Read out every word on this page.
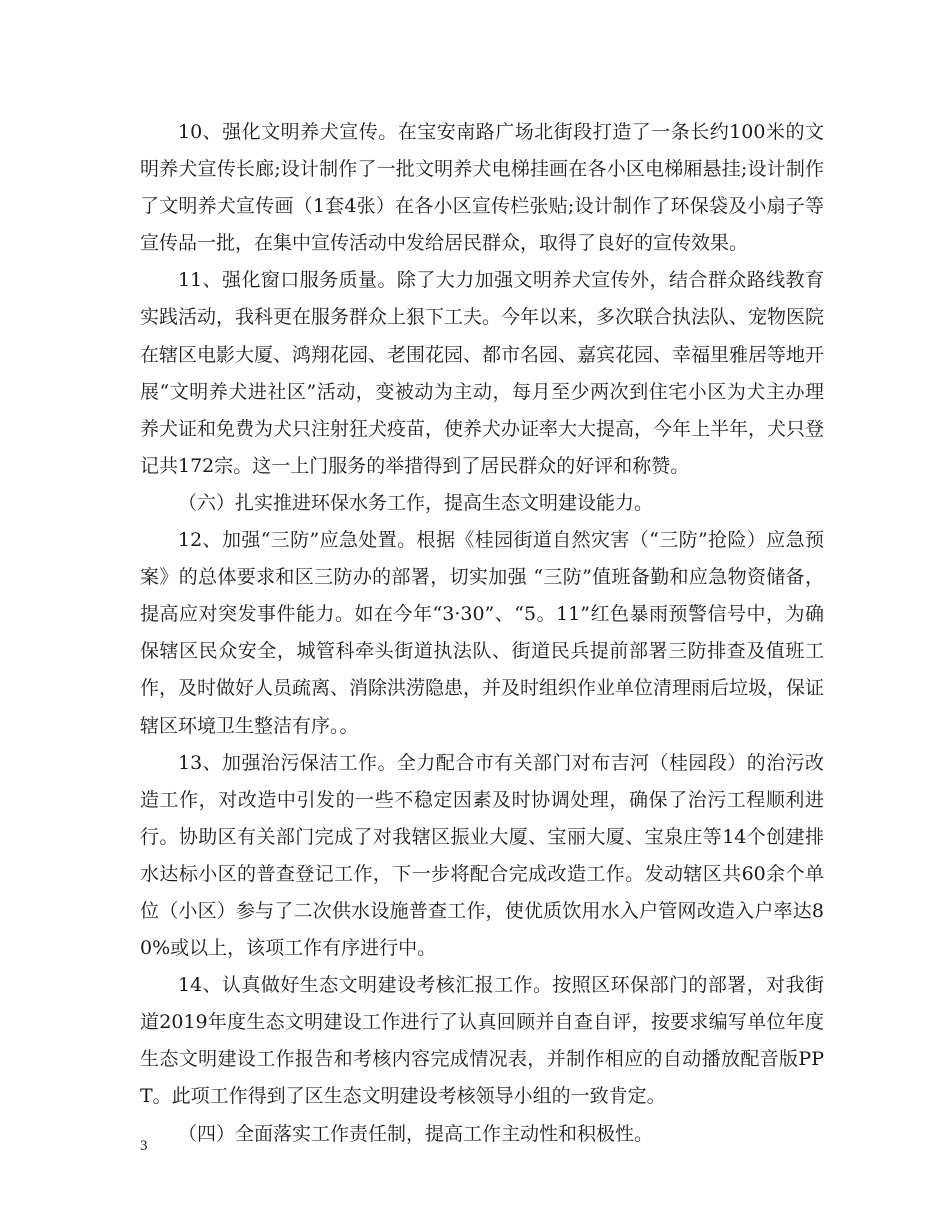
10、强化文明养犬宣传。在宝安南路广场北街段打造了一条长约100米的文明养犬宣传长廊;设计制作了一批文明养犬电梯挂画在各小区电梯厢悬挂;设计制作了文明养犬宣传画（1套4张）在各小区宣传栏张贴;设计制作了环保袋及小扇子等宣传品一批，在集中宣传活动中发给居民群众，取得了良好的宣传效果。

11、强化窗口服务质量。除了大力加强文明养犬宣传外，结合群众路线教育实践活动，我科更在服务群众上狠下工夫。今年以来，多次联合执法队、宠物医院在辖区电影大厦、鸿翔花园、老围花园、都市名园、嘉宾花园、幸福里雅居等地开展“文明养犬进社区”活动，变被动为主动，每月至少两次到住宅小区为犬主办理养犬证和免费为犬只注射狂犬疫苗，使养犬办证率大大提高，今年上半年，犬只登记共172宗。这一上门服务的举措得到了居民群众的好评和称赞。

（六）扎实推进环保水务工作，提高生态文明建设能力。

12、加强“三防”应急处置。根据《桂园街道自然灾害（“三防”抢险）应急预案》的总体要求和区三防办的部署，切实加强 “三防”值班备勤和应急物资储备，提高应对突发事件能力。如在今年“3·30”、“5。11”红色暴雨预警信号中，为确保辖区民众安全，城管科牵头街道执法队、街道民兵提前部署三防排查及值班工作，及时做好人员疏离、消除洪涝隐患，并及时组织作业单位清理雨后垃圾，保证辖区环境卫生整洁有序。。

13、加强治污保洁工作。全力配合市有关部门对布吉河（桂园段）的治污改造工作，对改造中引发的一些不稳定因素及时协调处理，确保了治污工程顺利进行。协助区有关部门完成了对我辖区振业大厦、宝丽大厦、宝泉庄等14个创建排水达标小区的普查登记工作，下一步将配合完成改造工作。发动辖区共60余个单位（小区）参与了二次供水设施普查工作，使优质饮用水入户管网改造入户率达80%或以上，该项工作有序进行中。

14、认真做好生态文明建设考核汇报工作。按照区环保部门的部署，对我街道2019年度生态文明建设工作进行了认真回顾并自查自评，按要求编写单位年度生态文明建设工作报告和考核内容完成情况表，并制作相应的自动播放配音版PPT。此项工作得到了区生态文明建设考核领导小组的一致肯定。

（四）全面落实工作责任制，提高工作主动性和积极性。

3
